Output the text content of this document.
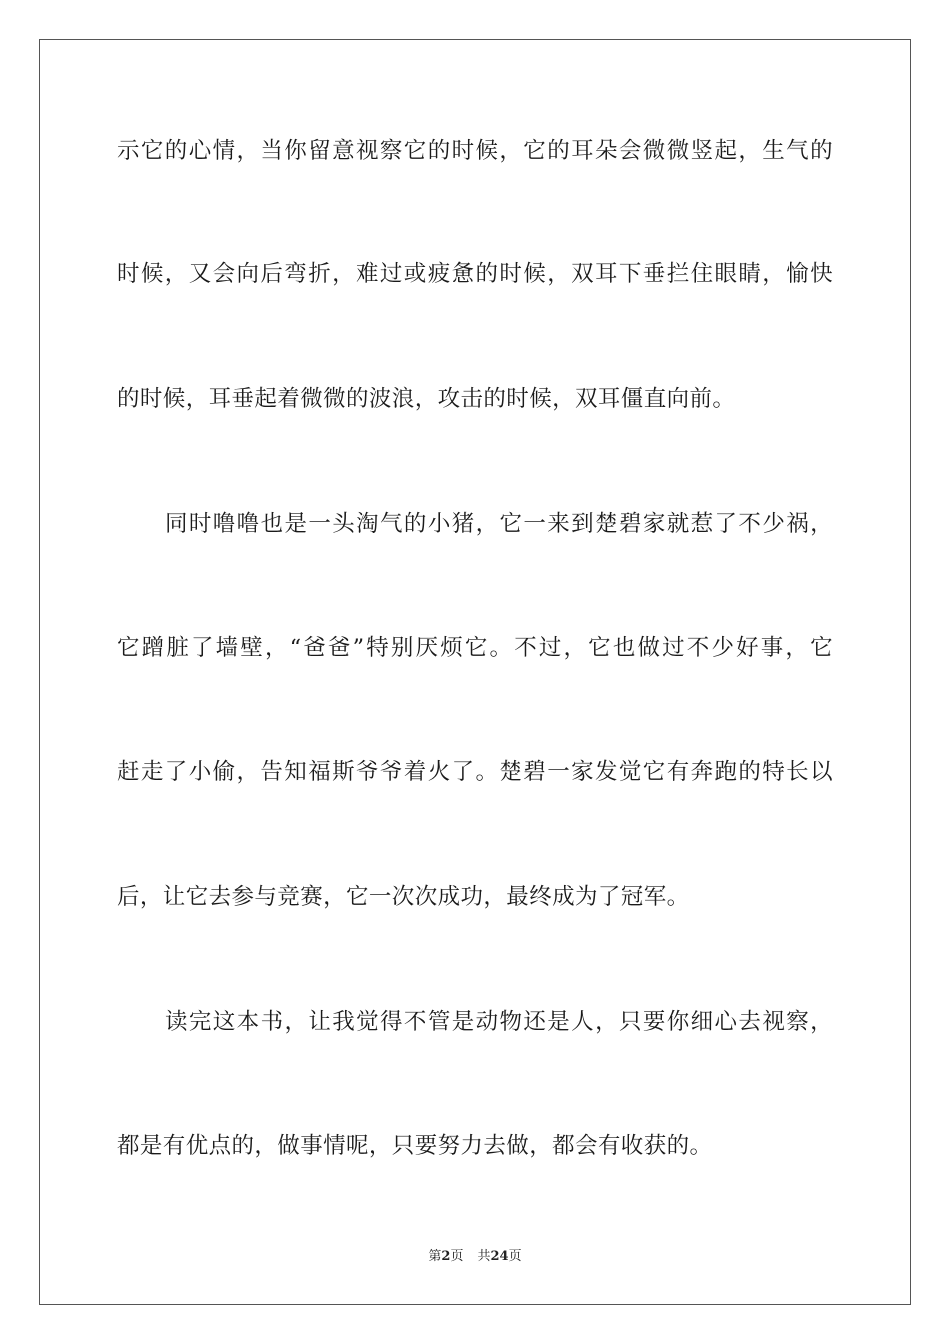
示它的心情，当你留意视察它的时候，它的耳朵会微微竖起，生气的
时候，又会向后弯折，难过或疲惫的时候，双耳下垂拦住眼睛，愉快
的时候，耳垂起着微微的波浪，攻击的时候，双耳僵直向前。
同时噜噜也是一头淘气的小猪，它一来到楚碧家就惹了不少祸，
它蹭脏了墙壁，“爸爸”特别厌烦它。不过，它也做过不少好事，它
赶走了小偷，告知福斯爷爷着火了。楚碧一家发觉它有奔跑的特长以
后，让它去参与竞赛，它一次次成功，最终成为了冠军。
读完这本书，让我觉得不管是动物还是人，只要你细心去视察，
都是有优点的，做事情呢，只要努力去做，都会有收获的。
第2页 共24页
